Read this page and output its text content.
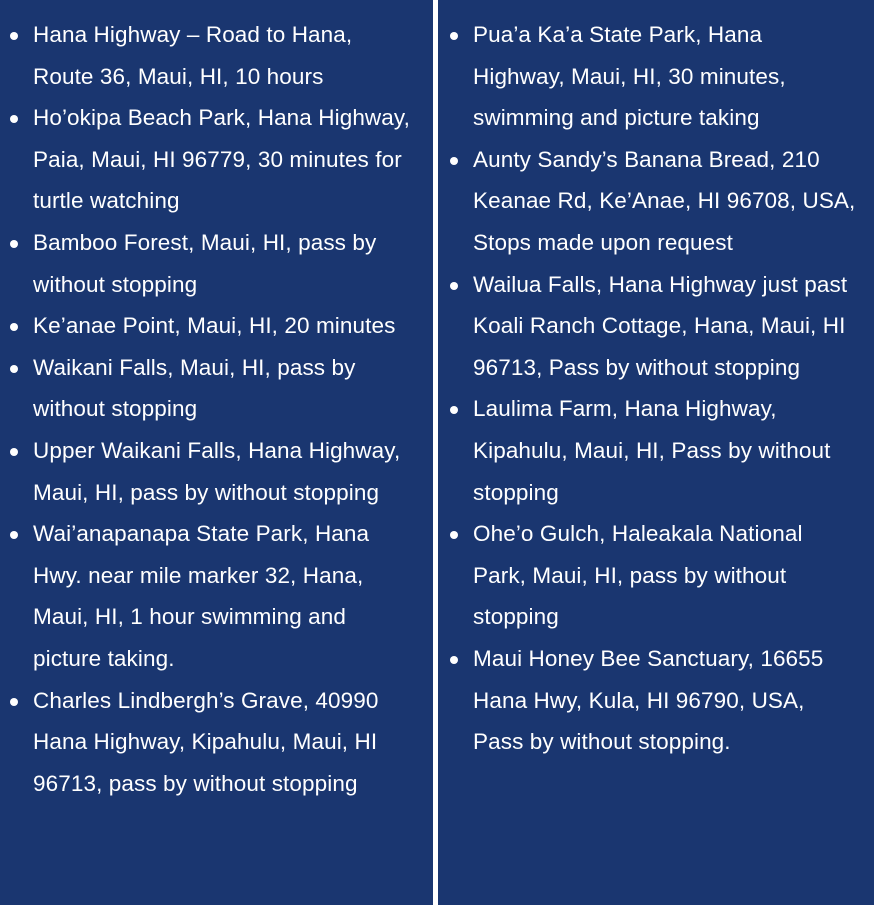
Hana Highway – Road to Hana, Route 36, Maui, HI, 10 hours
Ho’okipa Beach Park, Hana Highway, Paia, Maui, HI 96779, 30 minutes for turtle watching
Bamboo Forest, Maui, HI, pass by without stopping
Ke’anae Point, Maui, HI, 20 minutes
Waikani Falls, Maui, HI, pass by without stopping
Upper Waikani Falls, Hana Highway, Maui, HI, pass by without stopping
Wai’anapanapa State Park, Hana Hwy. near mile marker 32, Hana, Maui, HI, 1 hour swimming and picture taking.
Charles Lindbergh’s Grave, 40990 Hana Highway, Kipahulu, Maui, HI 96713, pass by without stopping
Pua’a Ka’a State Park, Hana Highway, Maui, HI, 30 minutes, swimming and picture taking
Aunty Sandy’s Banana Bread, 210 Keanae Rd, Ke’Anae, HI 96708, USA, Stops made upon request
Wailua Falls, Hana Highway just past Koali Ranch Cottage, Hana, Maui, HI 96713, Pass by without stopping
Laulima Farm, Hana Highway, Kipahulu, Maui, HI, Pass by without stopping
Ohe’o Gulch, Haleakala National Park, Maui, HI, pass by without stopping
Maui Honey Bee Sanctuary, 16655 Hana Hwy, Kula, HI 96790, USA, Pass by without stopping.
